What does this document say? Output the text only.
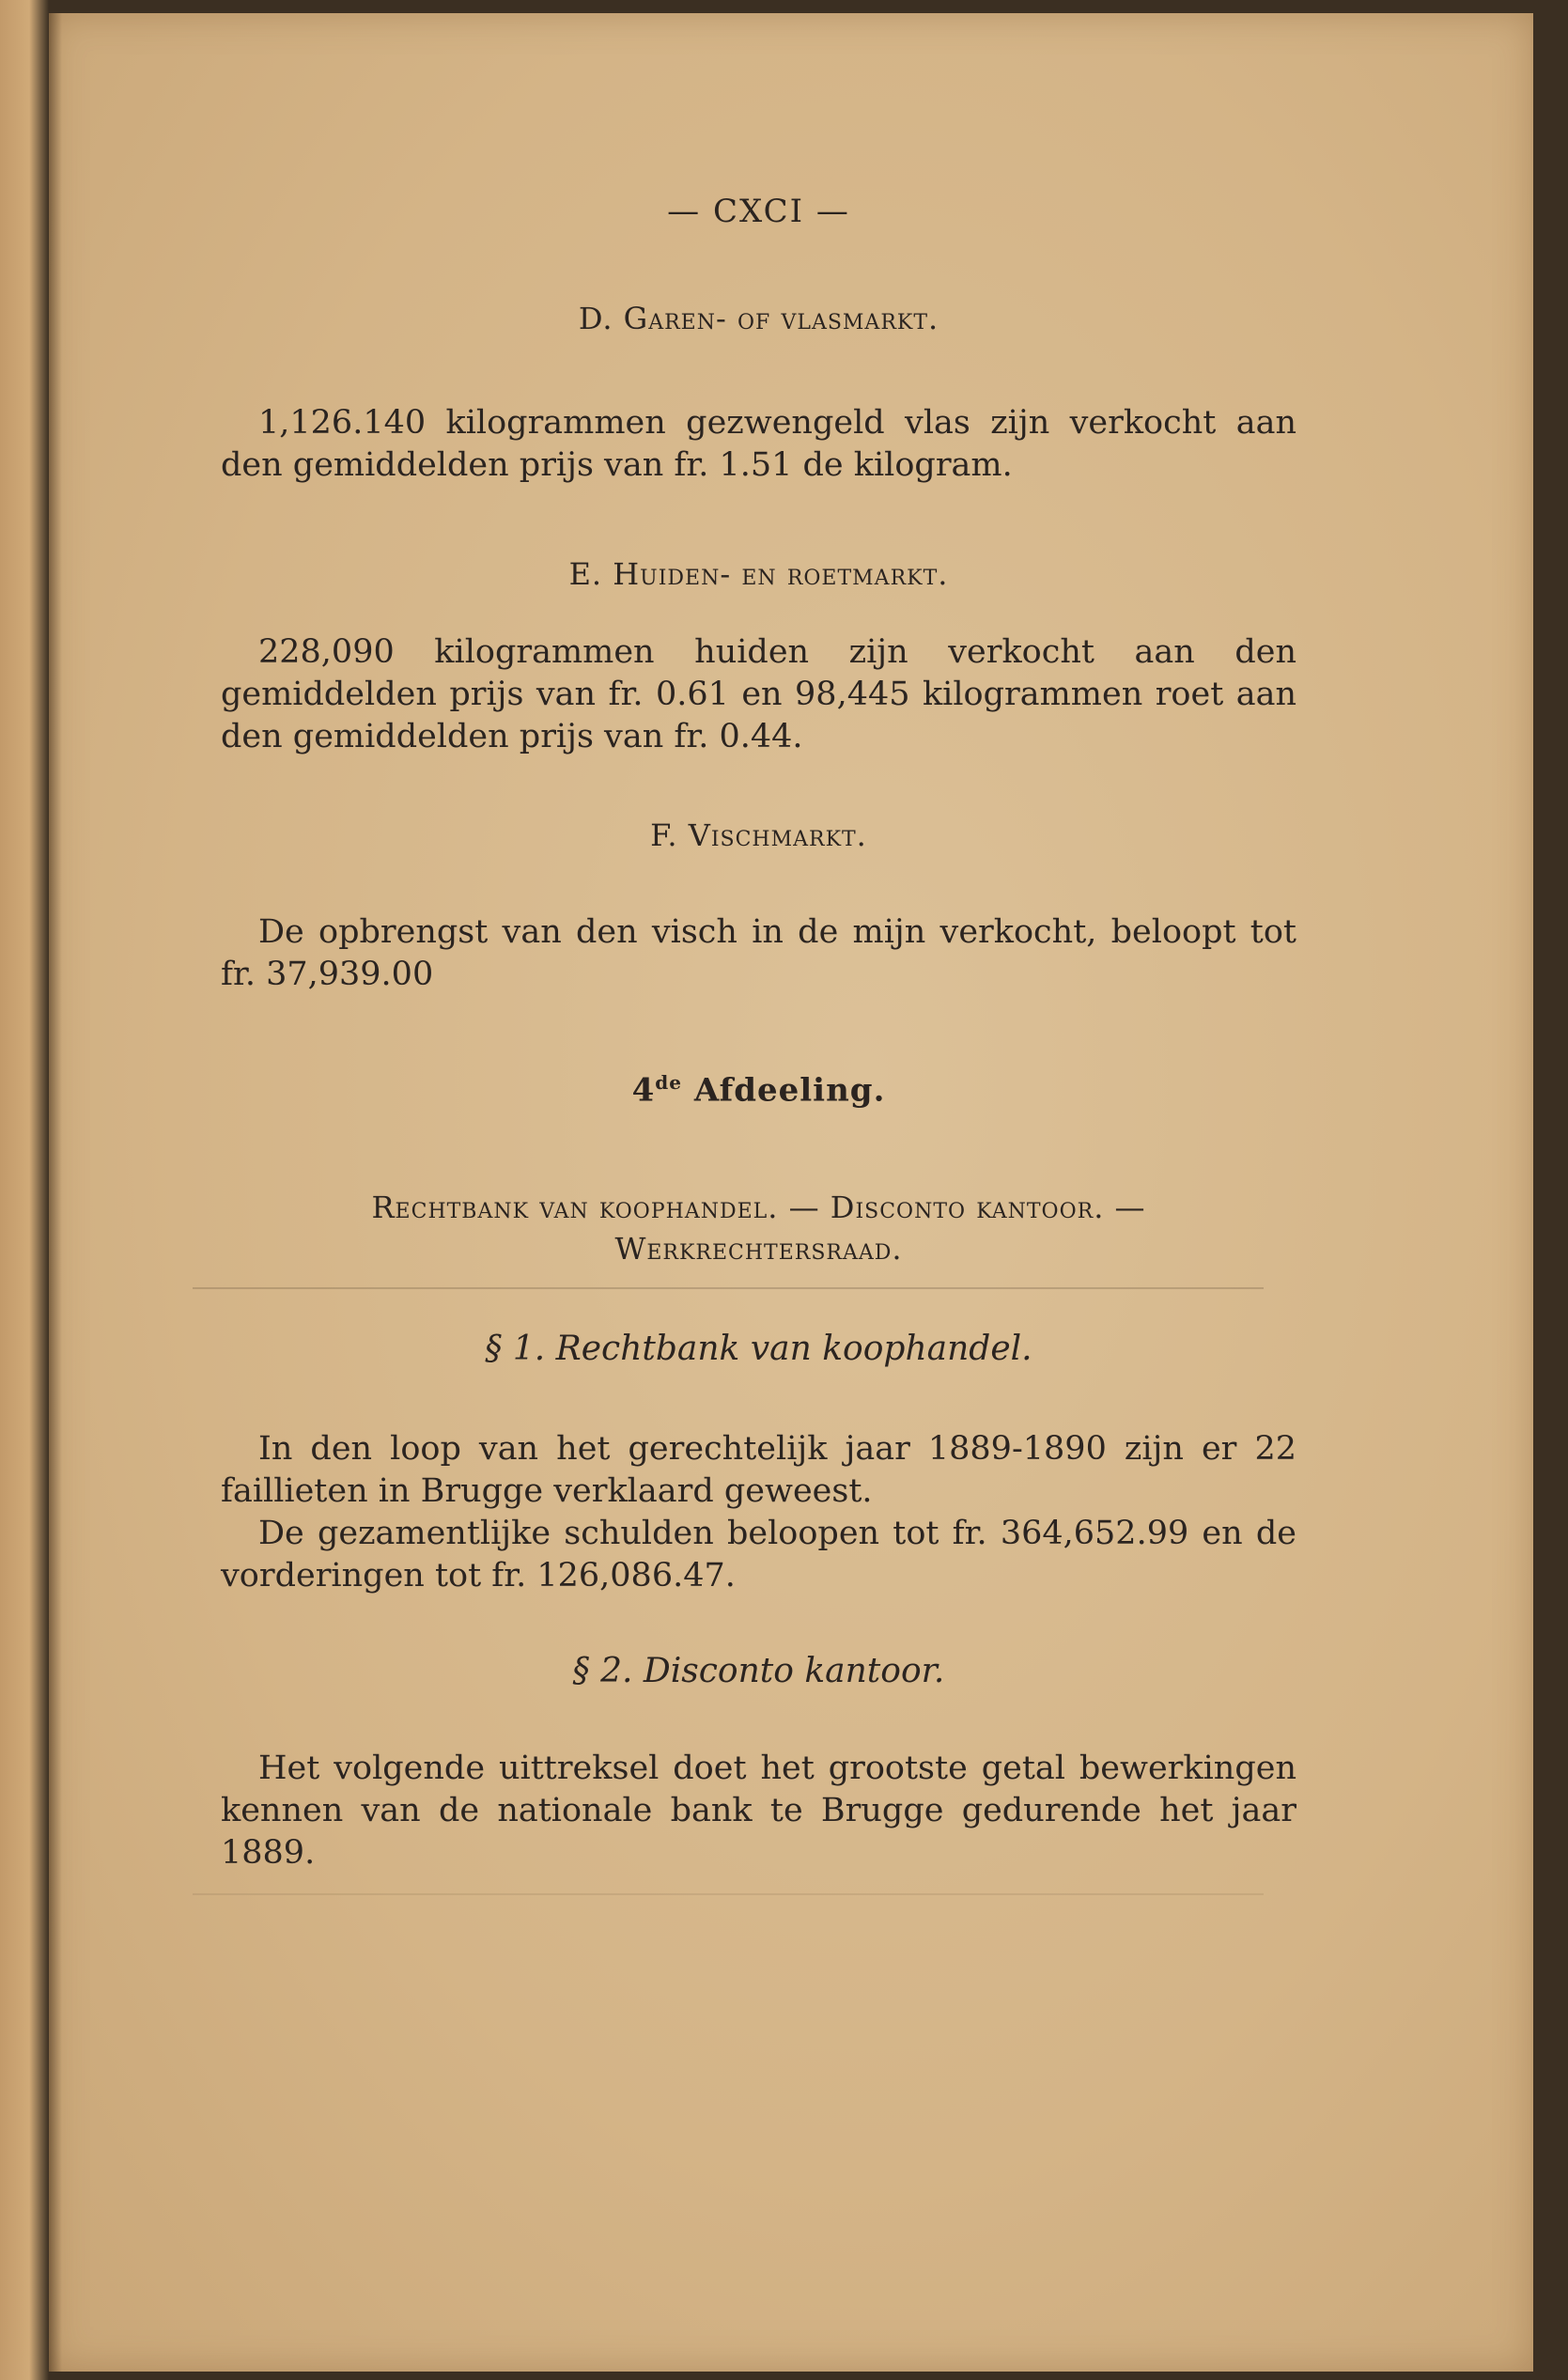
— CXCI —
D. Garen- of vlasmarkt.

1,126.140 kilogrammen gezwengeld vlas zijn verkocht aan den gemiddelden prijs van fr. 1.51 de kilogram.

E. Huiden- en roetmarkt.

228,090 kilogrammen huiden zijn verkocht aan den gemiddelden prijs van fr. 0.61 en 98,445 kilogrammen roet aan den gemiddelden prijs van fr. 0.44.

F. Vischmarkt.

De opbrengst van den visch in de mijn verkocht, beloopt tot fr. 37,939.00

4de Afdeeling.
Rechtbank van koophandel. — Disconto kantoor. —
Werkrechtersraad.
§ 1. Rechtbank van koophandel.

In den loop van het gerechtelijk jaar 1889-1890 zijn er 22 faillieten in Brugge verklaard geweest.

De gezamentlijke schulden beloopen tot fr. 364,652.99 en de vorderingen tot fr. 126,086.47.

§ 2. Disconto kantoor.

Het volgende uittreksel doet het grootste getal bewerkingen kennen van de nationale bank te Brugge gedurende het jaar 1889.
